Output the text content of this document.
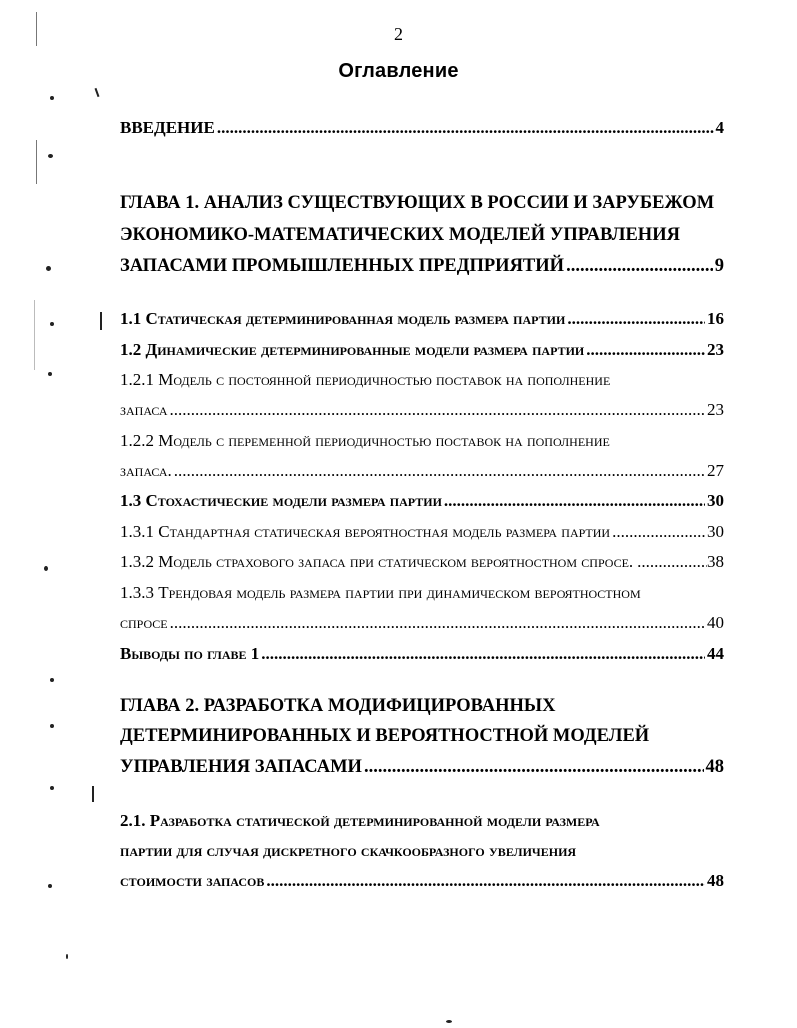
2
Оглавление
ВВЕДЕНИЕ .....	4
ГЛАВА 1. АНАЛИЗ СУЩЕСТВУЮЩИХ В РОССИИ И ЗАРУБЕЖОМ
ЭКОНОМИКО-МАТЕМАТИЧЕСКИХ МОДЕЛЕЙ УПРАВЛЕНИЯ
ЗАПАСАМИ ПРОМЫШЛЕННЫХ ПРЕДПРИЯТИЙ .....	9
1.1 Статическая детерминированная модель размера партии .....	16
1.2 Динамические детерминированные модели размера партии .....	23
1.2.1 Модель с постоянной периодичностью поставок на пополнение
запаса .....	23
1.2.2 Модель с переменной периодичностью поставок на пополнение
запаса. .....	27
1.3 Стохастические модели размера партии .....	30
1.3.1 Стандартная статическая вероятностная модель размера партии .....	30
1.3.2 Модель страхового запаса при статическом вероятностном спросе. .....	38
1.3.3 Трендовая модель размера партии при динамическом вероятностном
спросе .....	40
Выводы по главе 1 .....	44
ГЛАВА 2. РАЗРАБОТКА МОДИФИЦИРОВАННЫХ
ДЕТЕРМИНИРОВАННЫХ И ВЕРОЯТНОСТНОЙ МОДЕЛЕЙ
УПРАВЛЕНИЯ ЗАПАСАМИ .....	48
2.1. Разработка статической детерминированной модели размера
партии для случая дискретного скачкообразного увеличения
стоимости запасов .....	48
